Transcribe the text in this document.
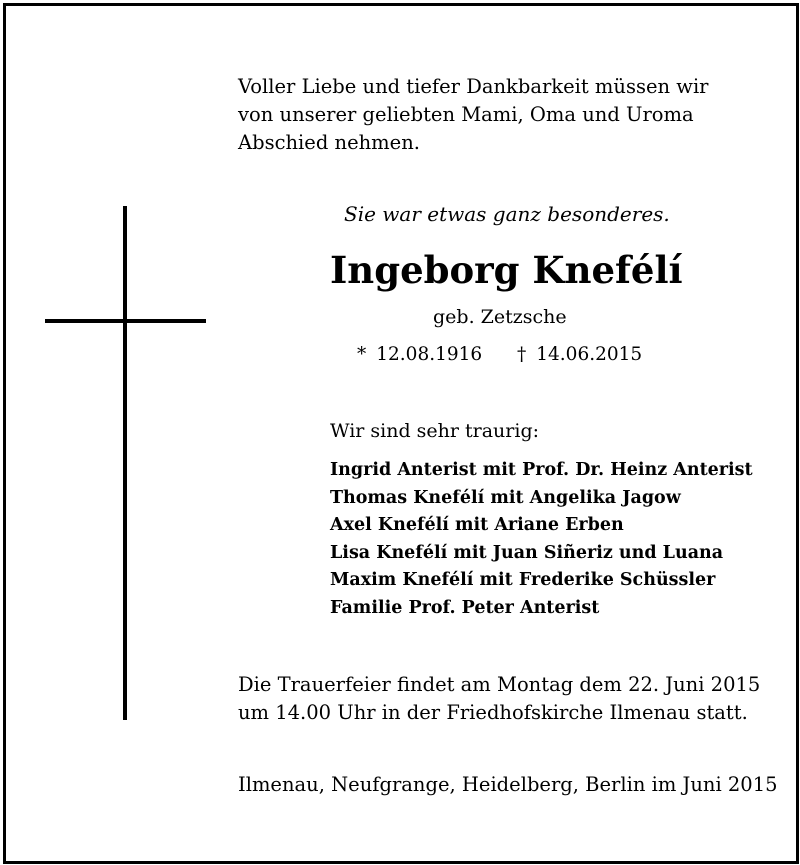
Voller Liebe und tiefer Dankbarkeit müssen wir
von unserer geliebten Mami, Oma und Uroma
Abschied nehmen.
Sie war etwas ganz besonderes.
Ingeborg Knefélí
geb. Zetzsche
* 12.08.1916 † 14.06.2015
Wir sind sehr traurig:
Ingrid Anterist mit Prof. Dr. Heinz Anterist
Thomas Knefélí mit Angelika Jagow
Axel Knefélí mit Ariane Erben
Lisa Knefélí mit Juan Siñeriz und Luana
Maxim Knefélí mit Frederike Schüssler
Familie Prof. Peter Anterist
Die Trauerfeier findet am Montag dem 22. Juni 2015
um 14.00 Uhr in der Friedhofskirche Ilmenau statt.
Ilmenau, Neufgrange, Heidelberg, Berlin im Juni 2015
